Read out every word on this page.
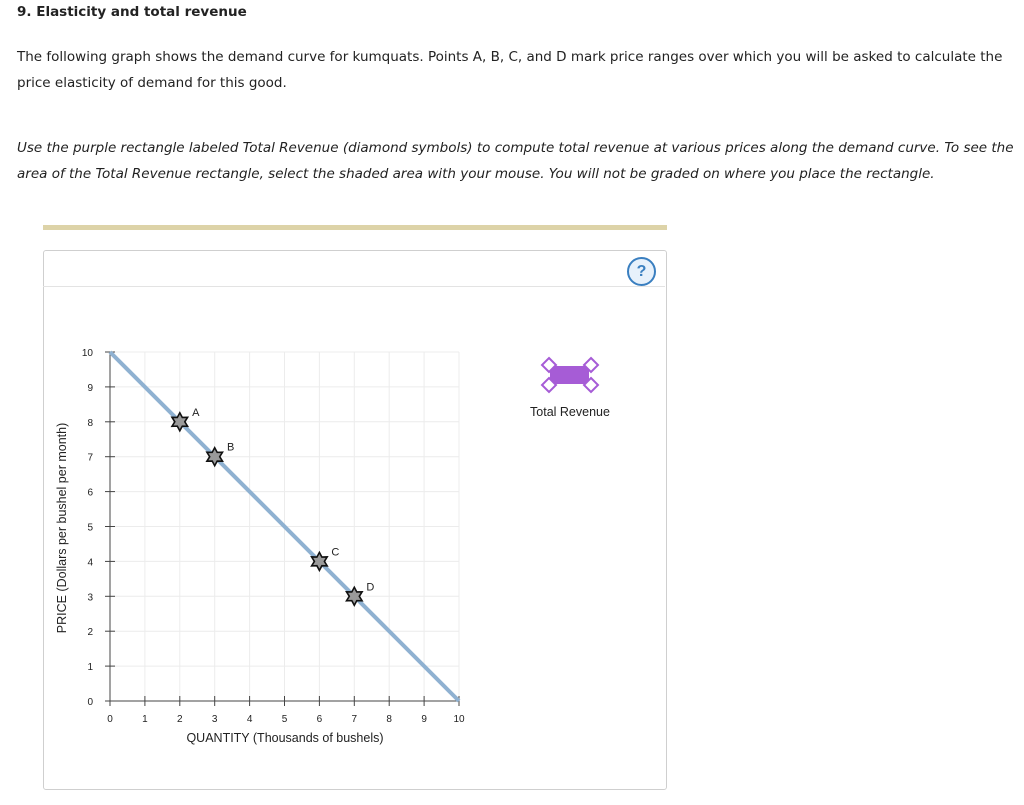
9. Elasticity and total revenue

The following graph shows the demand curve for kumquats. Points A, B, C, and D mark price ranges over which you will be asked to calculate the price elasticity of demand for this good.

Use the purple rectangle labeled Total Revenue (diamond symbols) to compute total revenue at various prices along the demand curve. To see the area of the Total Revenue rectangle, select the shaded area with your mouse. You will not be graded on where you place the rectangle.

?
0	1	2	3	4	5	6	7	8	9	10
0
1
2
3
4
5
6
7
8
9
10
A
B
C
D
QUANTITY (Thousands of bushels)
PRICE (Dollars per bushel per month)
Total Revenue
